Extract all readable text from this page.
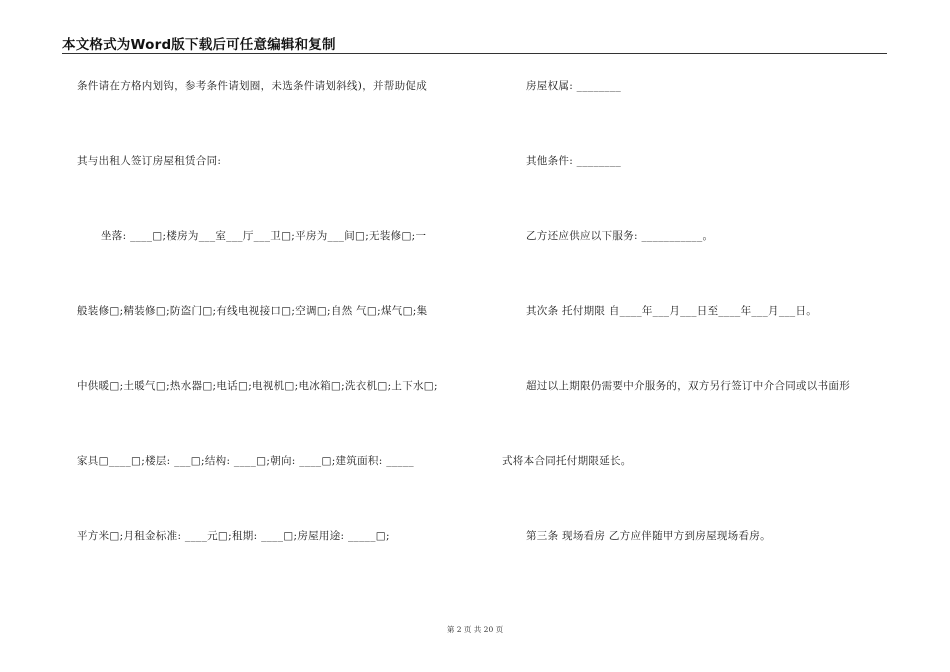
本文格式为Word版下载后可任意编辑和复制
条件请在方格内划钩，参考条件请划圈，未选条件请划斜线)，并帮助促成
其与出租人签订房屋租赁合同:
坐落: ____□;楼房为___室___厅___卫□;平房为___间□;无装修□;一
般装修□;精装修□;防盗门□;有线电视接口□;空调□;自然 气□;煤气□;集
中供暖□;土暖气□;热水器□;电话□;电视机□;电冰箱□;洗衣机□;上下水□;
家具□____□;楼层: ___□;结构: ____□;朝向: ____□;建筑面积: _____
平方米□;月租金标准: ____元□;租期: ____□;房屋用途: _____□;
房屋权属: ________
其他条件: ________
乙方还应供应以下服务: ___________。
其次条 托付期限 自____年___月___日至____年___月___日。
超过以上期限仍需要中介服务的，双方另行签订中介合同或以书面形
式将本合同托付期限延长。
第三条 现场看房 乙方应伴随甲方到房屋现场看房。
第 2 页 共 20 页
